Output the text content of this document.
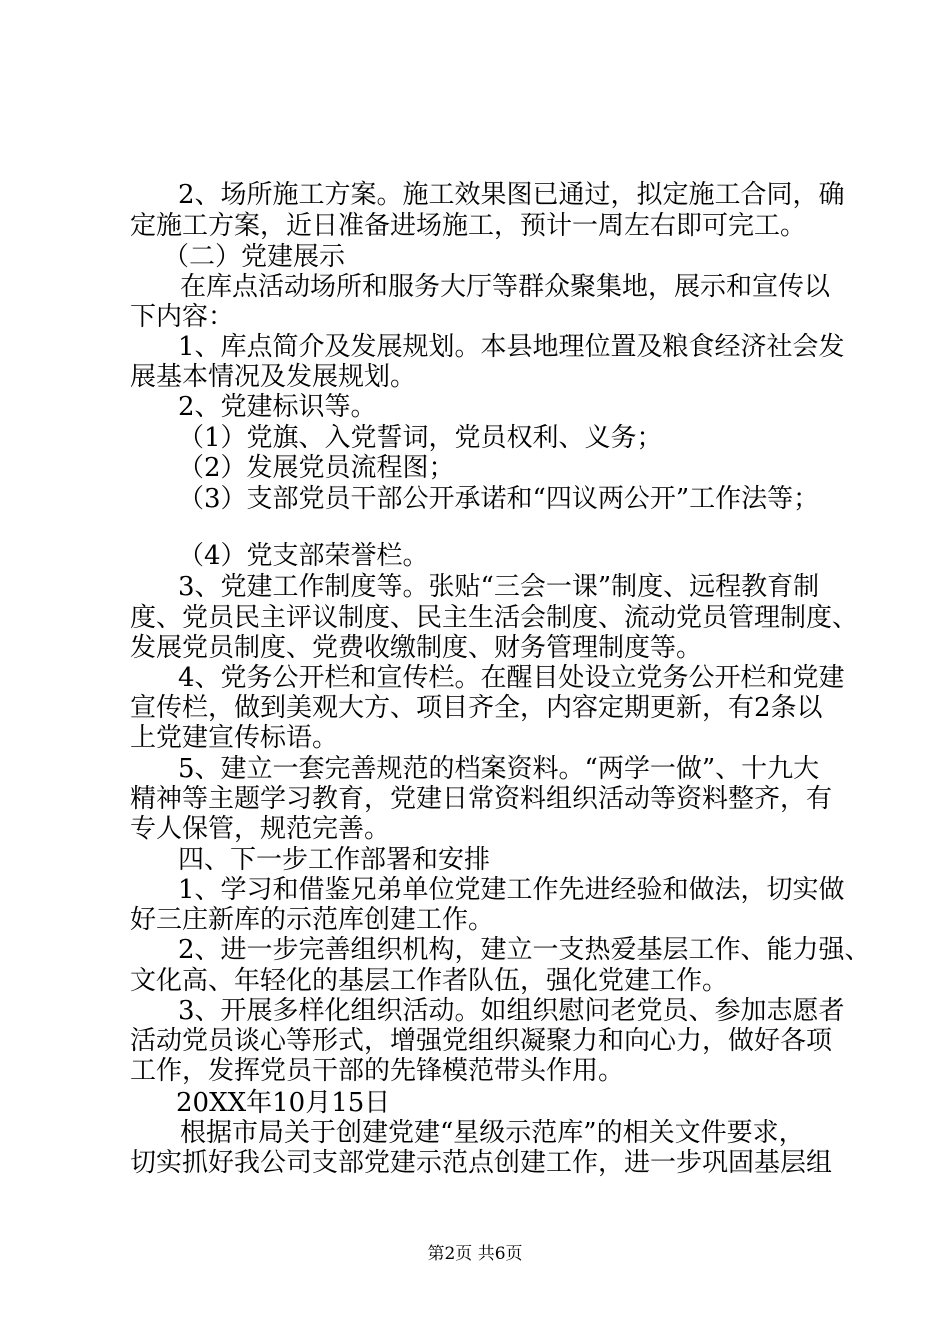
2、场所施工方案。施工效果图已通过，拟定施工合同，确
定施工方案，近日准备进场施工，预计一周左右即可完工。
（二）党建展示
在库点活动场所和服务大厅等群众聚集地，展示和宣传以
下内容：
1、库点简介及发展规划。本县地理位置及粮食经济社会发
展基本情况及发展规划。
2、党建标识等。
（1）党旗、入党誓词，党员权利、义务；
（2）发展党员流程图；
（3）支部党员干部公开承诺和“四议两公开”工作法等；
（4）党支部荣誉栏。
3、党建工作制度等。张贴“三会一课”制度、远程教育制
度、党员民主评议制度、民主生活会制度、流动党员管理制度、
发展党员制度、党费收缴制度、财务管理制度等。
4、党务公开栏和宣传栏。在醒目处设立党务公开栏和党建
宣传栏，做到美观大方、项目齐全，内容定期更新，有2条以
上党建宣传标语。
5、建立一套完善规范的档案资料。“两学一做”、十九大
精神等主题学习教育，党建日常资料组织活动等资料整齐，有
专人保管，规范完善。
四、下一步工作部署和安排
1、学习和借鉴兄弟单位党建工作先进经验和做法，切实做
好三庄新库的示范库创建工作。
2、进一步完善组织机构，建立一支热爱基层工作、能力强、
文化高、年轻化的基层工作者队伍，强化党建工作。
3、开展多样化组织活动。如组织慰问老党员、参加志愿者
活动党员谈心等形式，增强党组织凝聚力和向心力，做好各项
工作，发挥党员干部的先锋模范带头作用。
20XX年10月15日
根据市局关于创建党建“星级示范库”的相关文件要求，
切实抓好我公司支部党建示范点创建工作，进一步巩固基层组
第2页 共6页
